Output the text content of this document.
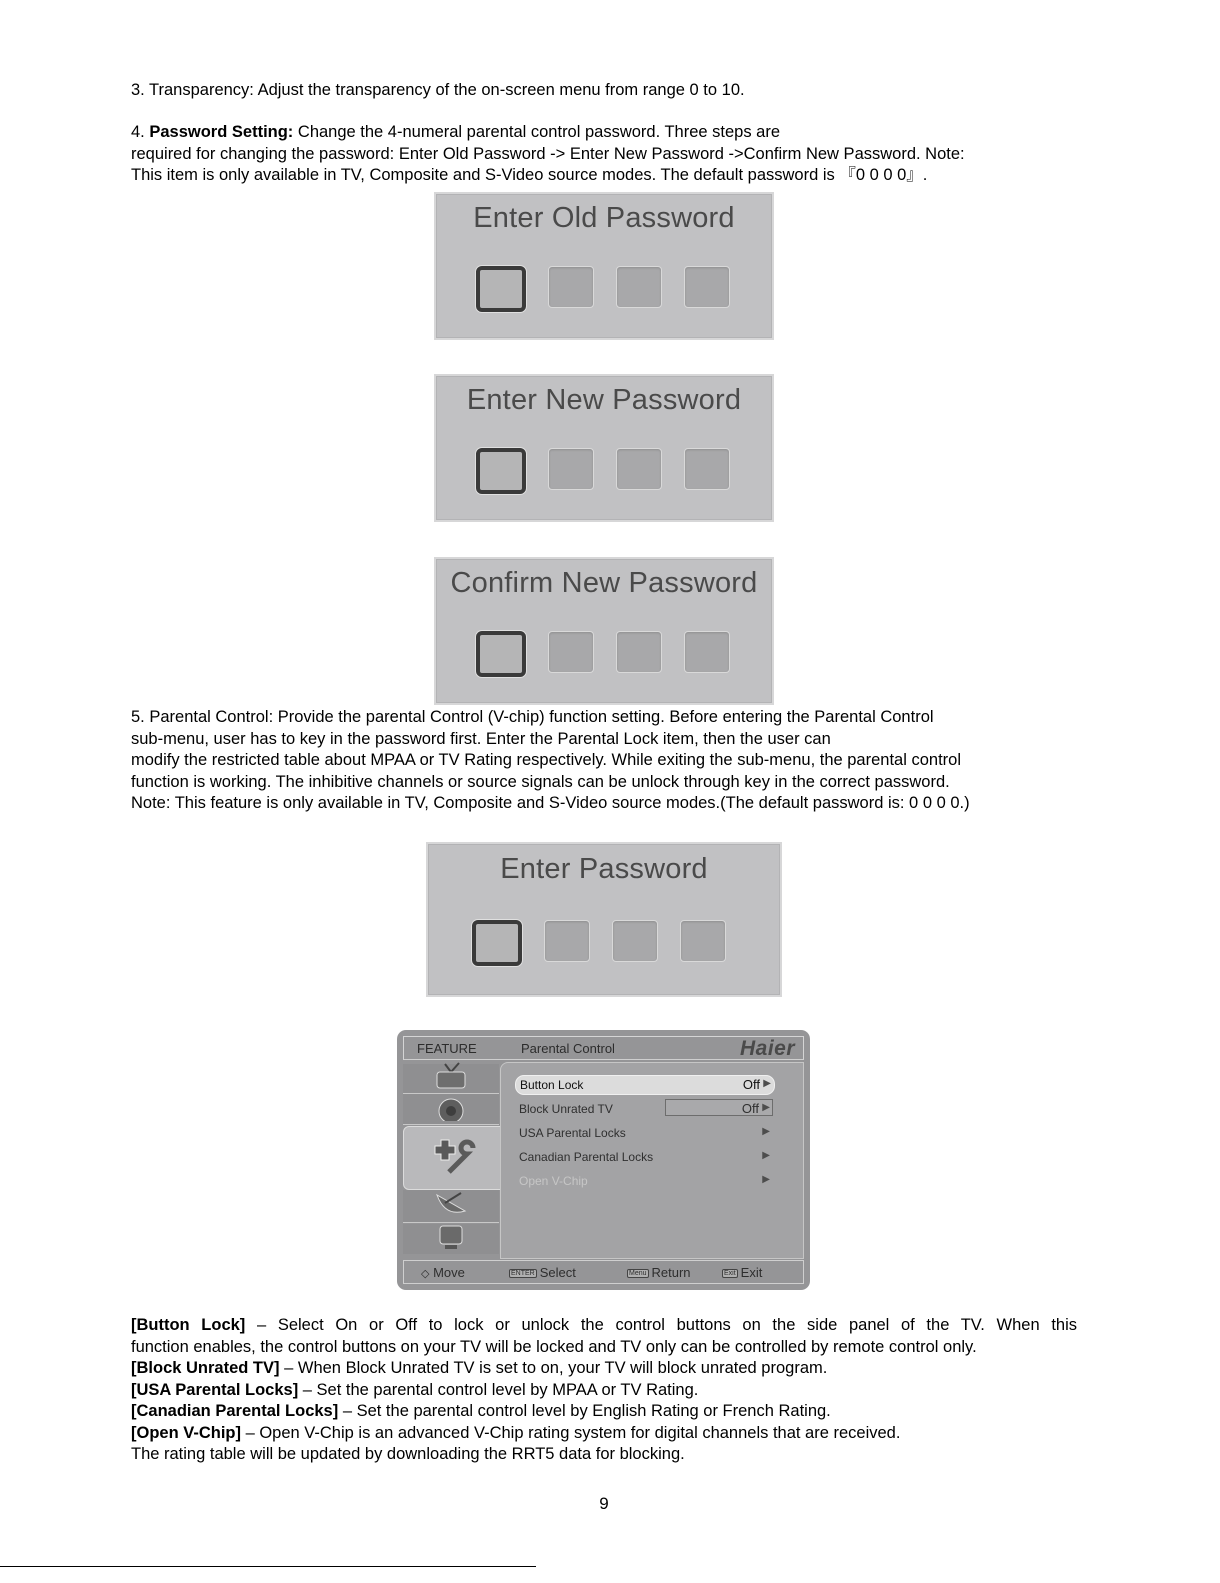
3. Transparency: Adjust the transparency of the on-screen menu from range 0 to 10.

4. Password Setting: Change the 4-numeral parental control password. Three steps are

required for changing the password: Enter Old Password -> Enter New Password ->Confirm New Password. Note:

This item is only available in TV, Composite and S-Video source modes. The default password is 『0 0 0 0』.

Enter Old Password
Enter New Password
Confirm New Password

5. Parental Control: Provide the parental Control (V-chip) function setting. Before entering the Parental Control

sub-menu, user has to key in the password first. Enter the Parental Lock item, then the user can

modify the restricted table about MPAA or TV Rating respectively. While exiting the sub-menu, the parental control

function is working. The inhibitive channels or source signals can be unlock through key in the correct password.

Note: This feature is only available in TV, Composite and S-Video source modes.(The default password is: 0 0 0 0.)

Enter Password
FEATURE	Parental Control	Haier
Button Lock	Off ▶
Block Unrated TV	Off ▶
USA Parental Locks	▶
Canadian Parental Locks	▶
Open V-Chip	▶
◇ Move	ENTER Select	Menu Return	Exit Exit

[Button Lock] – Select On or Off to lock or unlock the control buttons on the side panel of the TV. When this

function enables, the control buttons on your TV will be locked and TV only can be controlled by remote control only.

[Block Unrated TV] – When Block Unrated TV is set to on, your TV will block unrated program.

[USA Parental Locks] – Set the parental control level by MPAA or TV Rating.

[Canadian Parental Locks] – Set the parental control level by English Rating or French Rating.

[Open V-Chip] – Open V-Chip is an advanced V-Chip rating system for digital channels that are received.

The rating table will be updated by downloading the RRT5 data for blocking.

9
